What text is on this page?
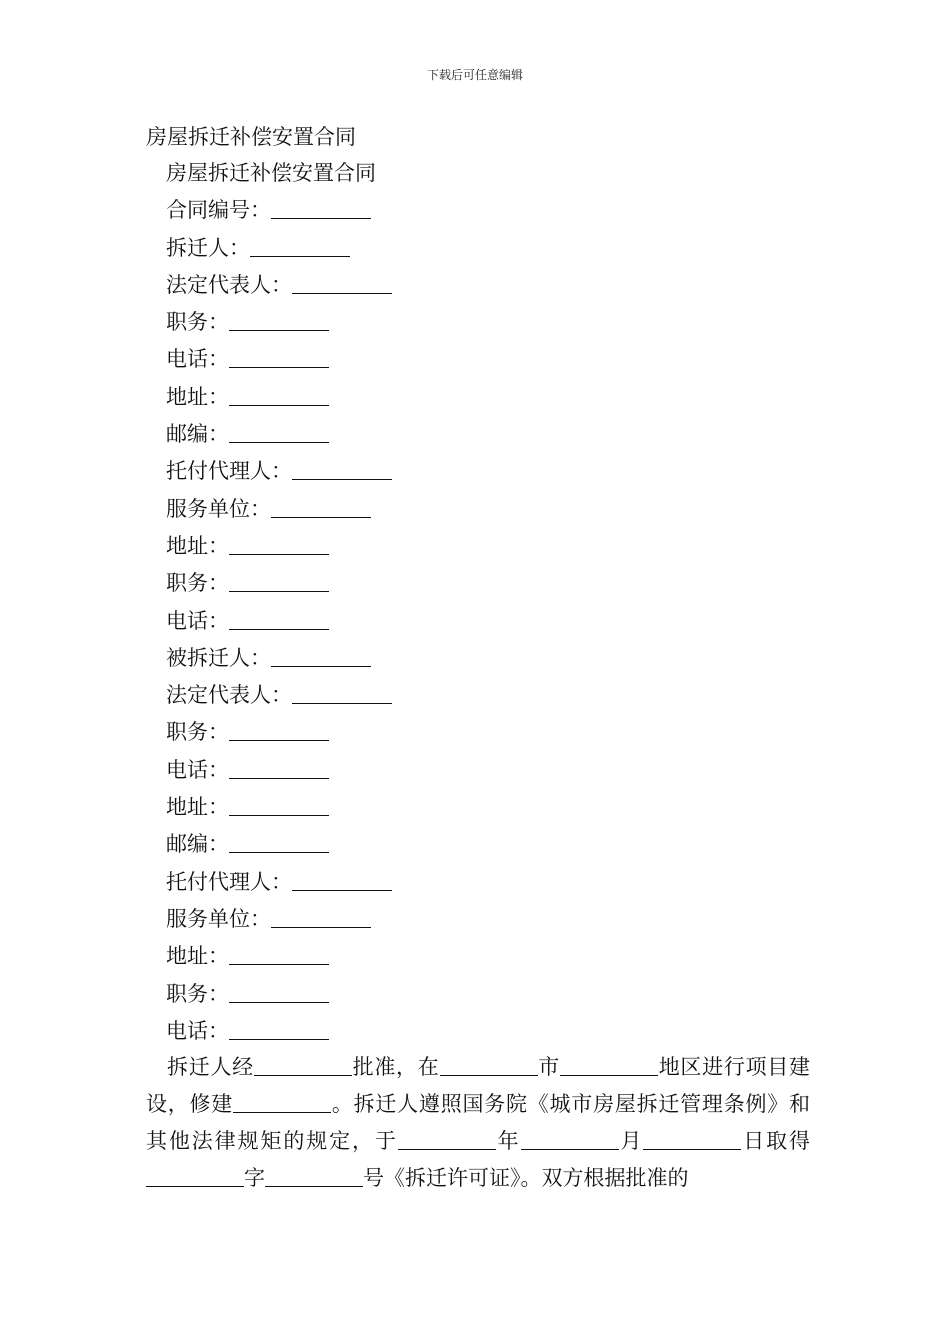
下载后可任意编辑
房屋拆迁补偿安置合同
房屋拆迁补偿安置合同
合同编号：
拆迁人：
法定代表人：
职务：
电话：
地址：
邮编：
托付代理人：
服务单位：
地址：
职务：
电话：
被拆迁人：
法定代表人：
职务：
电话：
地址：
邮编：
托付代理人：
服务单位：
地址：
职务：
电话：
拆迁人经	批准，在	市	地区进行项目建设，修建	。拆迁人遵照国务院《城市房屋拆迁管理条例》和其他法律规矩的规定，于	年	月	日取得字	号《拆迁许可证》。双方根据批准的
